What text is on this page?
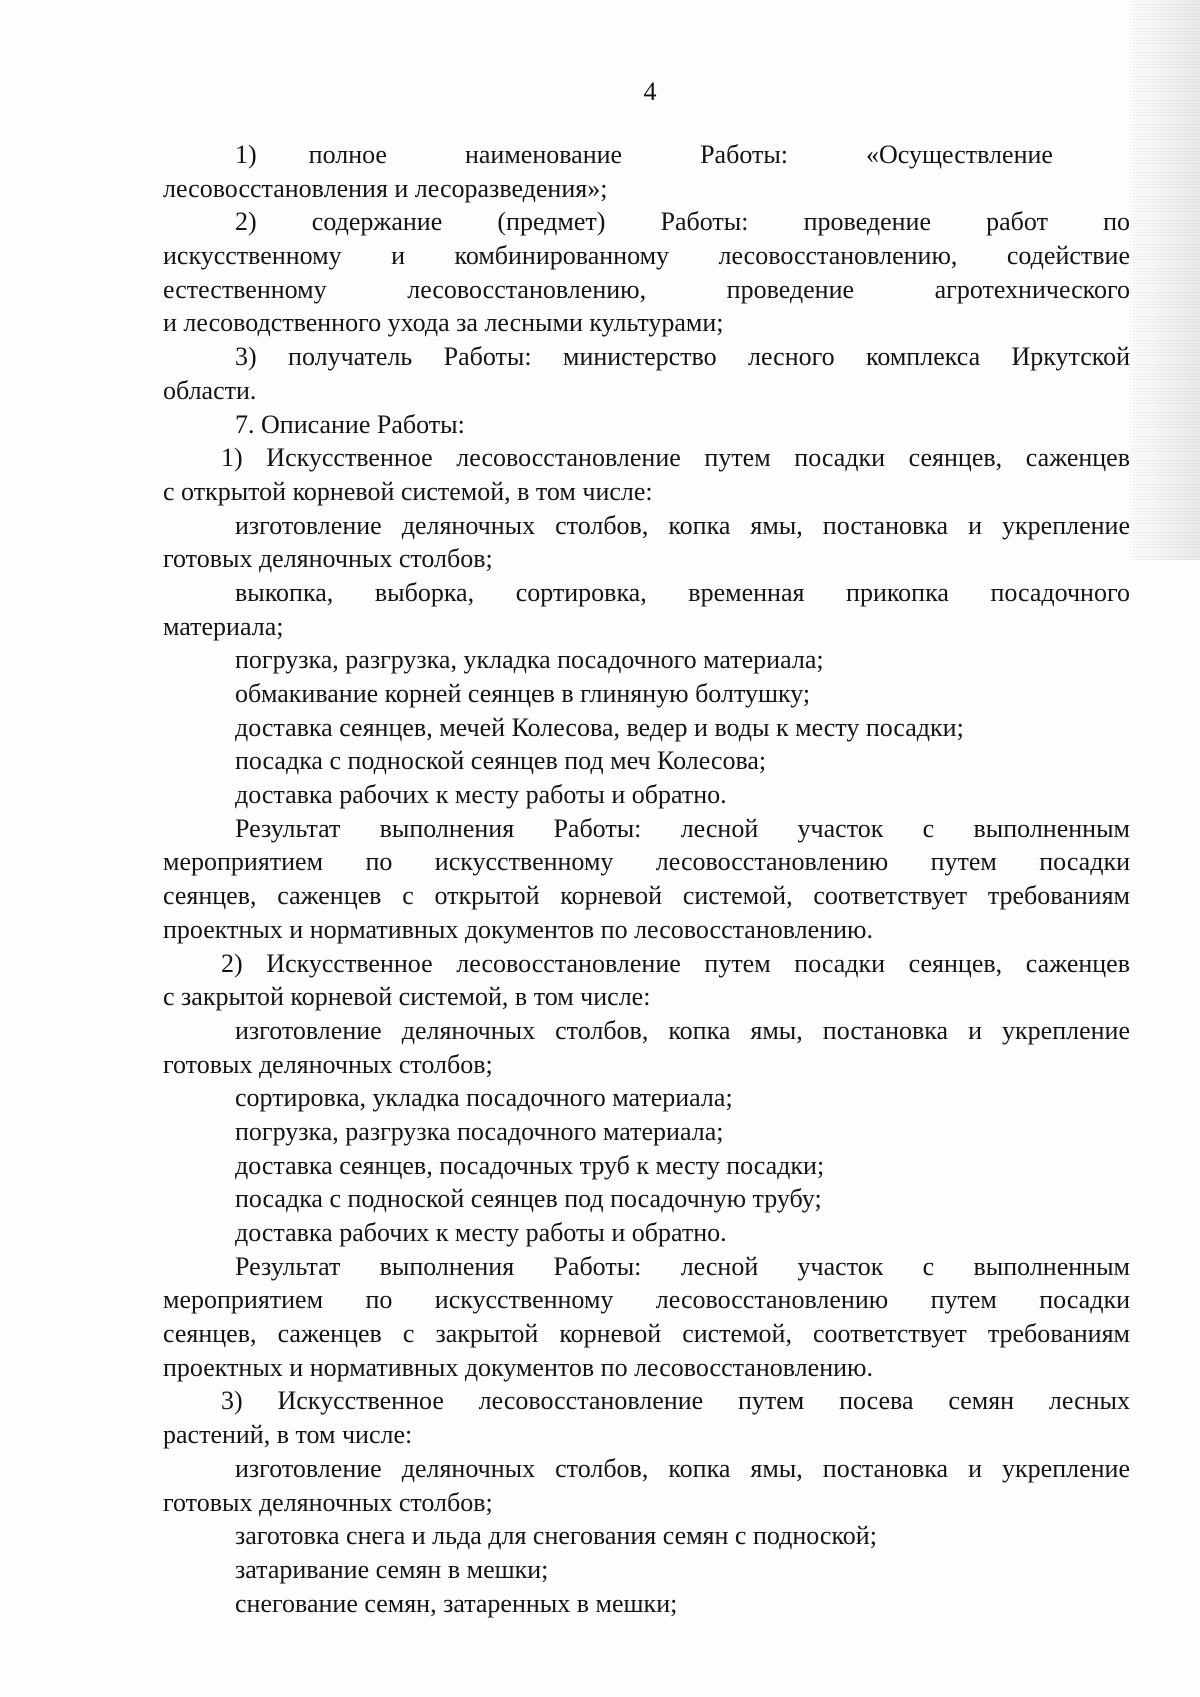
4
1)        полное            наименование            Работы:            «Осуществление
лесовосстановления и лесоразведения»;
2) содержание (предмет) Работы: проведение работ по
искусственному и комбинированному лесовосстановлению, содействие
естественному лесовосстановлению, проведение агротехнического
и лесоводственного ухода за лесными культурами;
3) получатель Работы: министерство лесного комплекса Иркутской
области.
7. Описание Работы:
1) Искусственное лесовосстановление путем посадки сеянцев, саженцев
с открытой корневой системой, в том числе:
изготовление деляночных столбов, копка ямы, постановка и укрепление
готовых деляночных столбов;
выкопка, выборка, сортировка, временная прикопка посадочного
материала;
погрузка, разгрузка, укладка посадочного материала;
обмакивание корней сеянцев в глиняную болтушку;
доставка сеянцев, мечей Колесова, ведер и воды к месту посадки;
посадка с подноской сеянцев под меч Колесова;
доставка рабочих к месту работы и обратно.
Результат выполнения Работы: лесной участок с выполненным
мероприятием по искусственному лесовосстановлению путем посадки
сеянцев, саженцев с открытой корневой системой, соответствует требованиям
проектных и нормативных документов по лесовосстановлению.
2) Искусственное лесовосстановление путем посадки сеянцев, саженцев
с закрытой корневой системой, в том числе:
изготовление деляночных столбов, копка ямы, постановка и укрепление
готовых деляночных столбов;
сортировка, укладка посадочного материала;
погрузка, разгрузка посадочного материала;
доставка сеянцев, посадочных труб к месту посадки;
посадка с подноской сеянцев под посадочную трубу;
доставка рабочих к месту работы и обратно.
Результат выполнения Работы: лесной участок с выполненным
мероприятием по искусственному лесовосстановлению путем посадки
сеянцев, саженцев с закрытой корневой системой, соответствует требованиям
проектных и нормативных документов по лесовосстановлению.
3) Искусственное лесовосстановление путем посева семян лесных
растений, в том числе:
изготовление деляночных столбов, копка ямы, постановка и укрепление
готовых деляночных столбов;
заготовка снега и льда для снегования семян с подноской;
затаривание семян в мешки;
снегование семян, затаренных в мешки;
